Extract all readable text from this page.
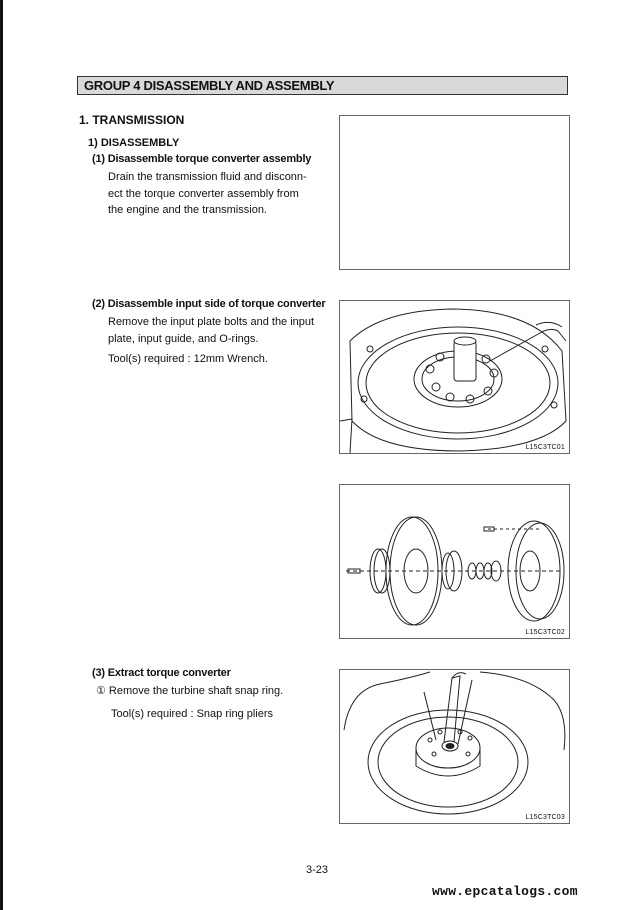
GROUP 4 DISASSEMBLY AND ASSEMBLY
1. TRANSMISSION
1) DISASSEMBLY
(1) Disassemble torque converter assembly
Drain the transmission fluid and disconn-
ect the torque converter assembly from
the engine and the transmission.
(2) Disassemble input side of torque converter
Remove the input plate bolts and the input
plate, input guide, and O-rings.
Tool(s) required : 12mm Wrench.
L15C3TC01
L15C3TC02
(3) Extract torque converter
① Remove the turbine shaft snap ring.
Tool(s) required : Snap ring pliers
L15C3TC03
3-23
www.epcatalogs.com
